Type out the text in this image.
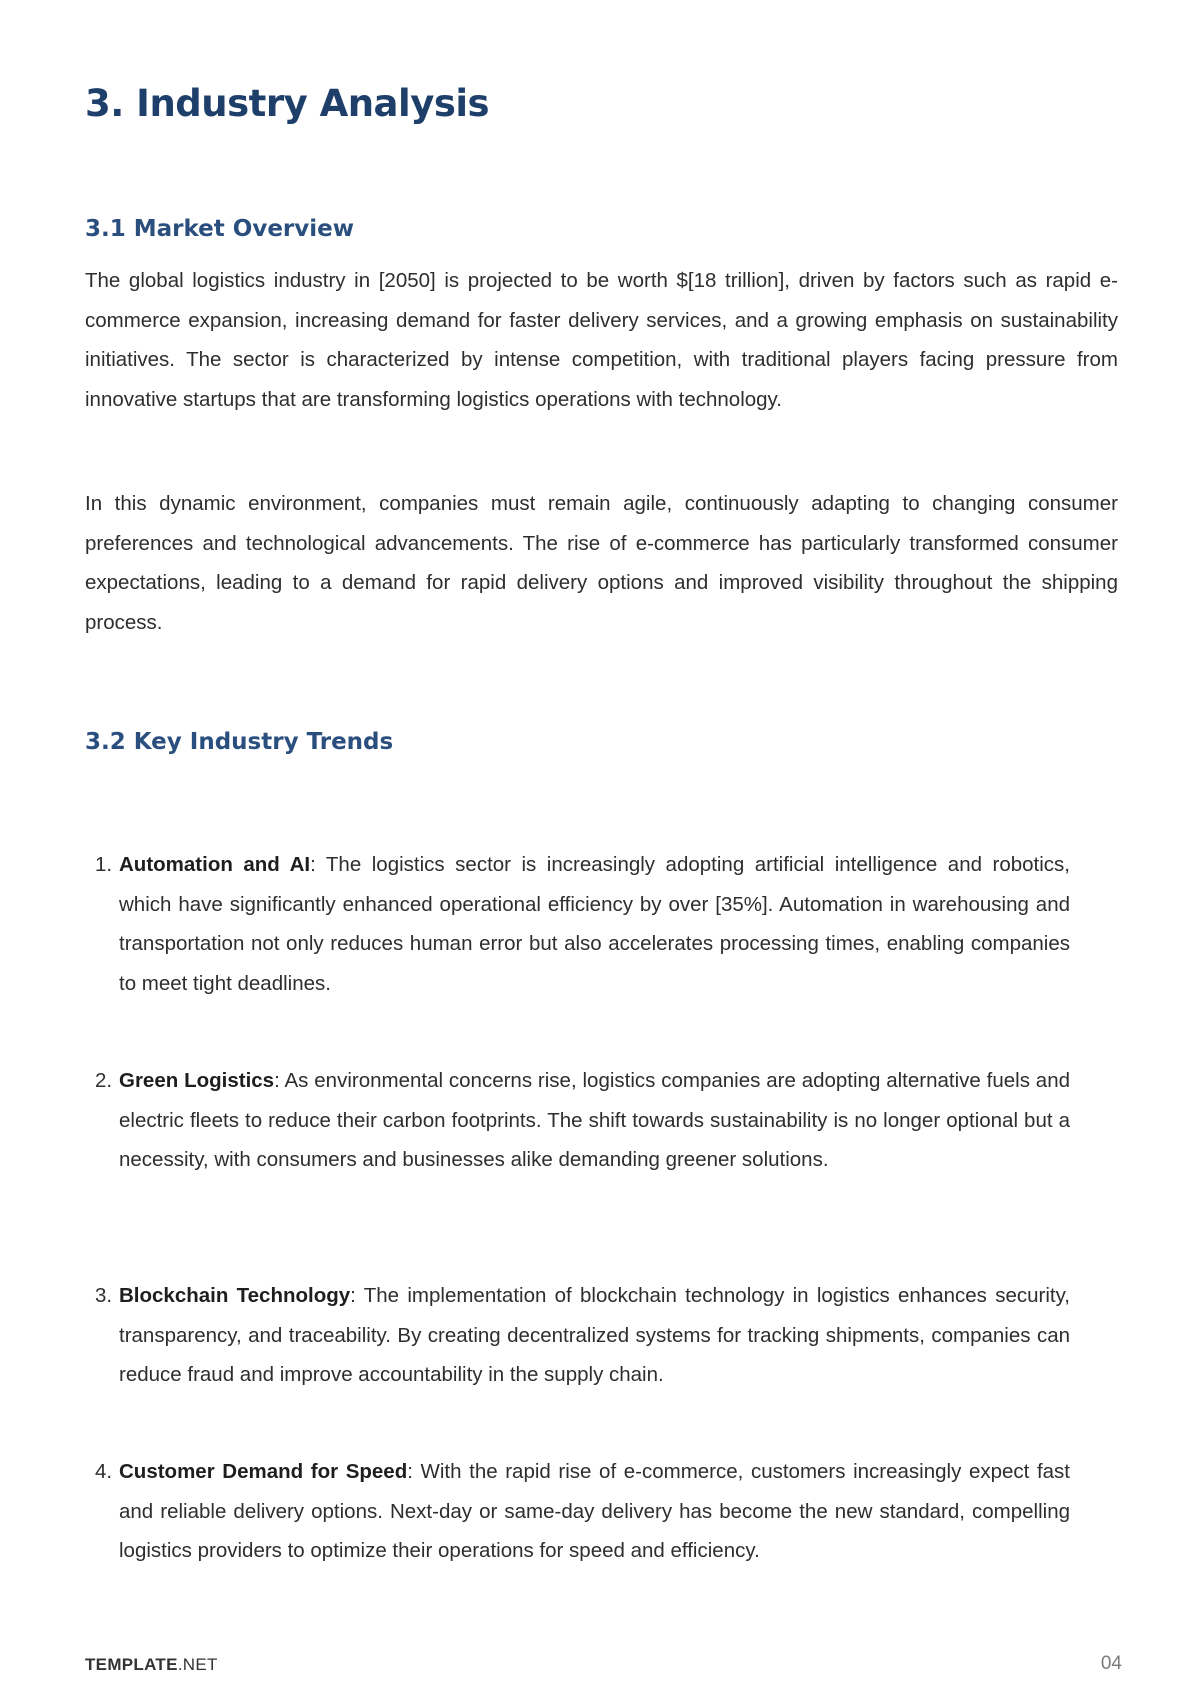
3. Industry Analysis
3.1 Market Overview

The global logistics industry in [2050] is projected to be worth $[18 trillion], driven by factors such as rapid e-commerce expansion, increasing demand for faster delivery services, and a growing emphasis on sustainability initiatives. The sector is characterized by intense competition, with traditional players facing pressure from innovative startups that are transforming logistics operations with technology.

In this dynamic environment, companies must remain agile, continuously adapting to changing consumer preferences and technological advancements. The rise of e-commerce has particularly transformed consumer expectations, leading to a demand for rapid delivery options and improved visibility throughout the shipping process.

3.2 Key Industry Trends
1. Automation and AI: The logistics sector is increasingly adopting artificial intelligence and robotics, which have significantly enhanced operational efficiency by over [35%]. Automation in warehousing and transportation not only reduces human error but also accelerates processing times, enabling companies to meet tight deadlines.
2. Green Logistics: As environmental concerns rise, logistics companies are adopting alternative fuels and electric fleets to reduce their carbon footprints. The shift towards sustainability is no longer optional but a necessity, with consumers and businesses alike demanding greener solutions.
3. Blockchain Technology: The implementation of blockchain technology in logistics enhances security, transparency, and traceability. By creating decentralized systems for tracking shipments, companies can reduce fraud and improve accountability in the supply chain.
4. Customer Demand for Speed: With the rapid rise of e-commerce, customers increasingly expect fast and reliable delivery options. Next-day or same-day delivery has become the new standard, compelling logistics providers to optimize their operations for speed and efficiency.
TEMPLATE.NET	04
